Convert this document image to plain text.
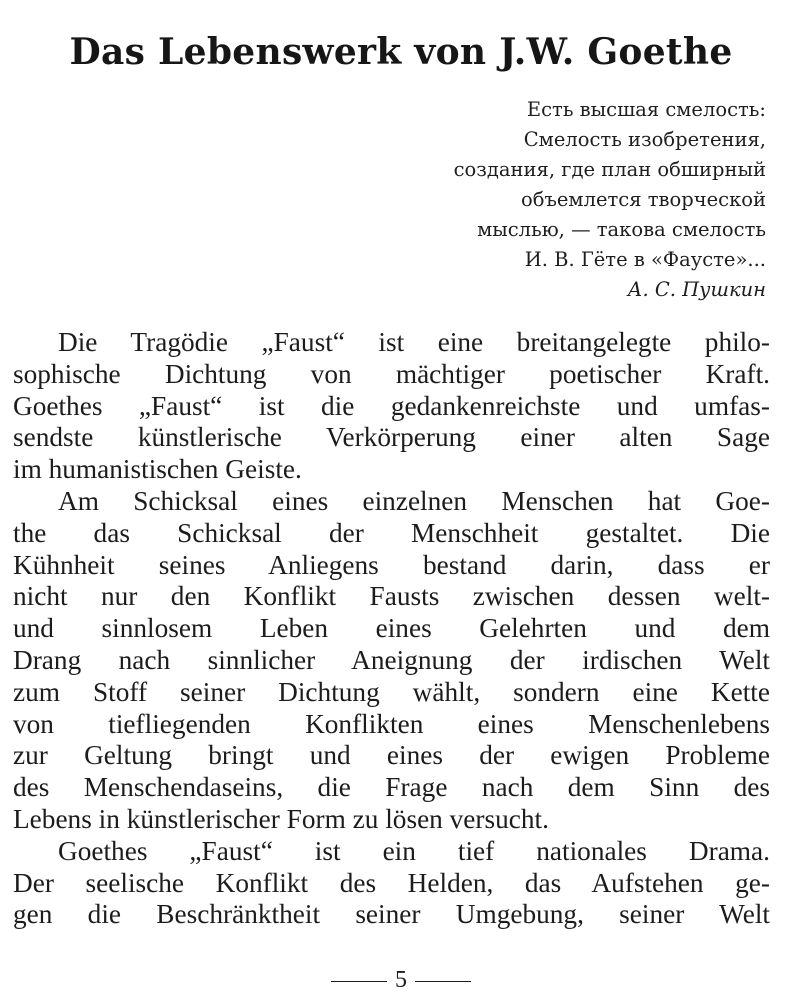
Das Lebenswerk von J.W. Goethe
Есть высшая смелость:
Смелость изобретения,
создания, где план обширный
объемлется творческой
мыслью, — такова смелость
И. В. Гёте в «Фаусте»...
А. С. Пушкин

Die Tragödie „Faust“ ist eine breitangelegte philo-
sophische Dichtung von mächtiger poetischer Kraft.
Goethes „Faust“ ist die gedankenreichste und umfas-
sendste künstlerische Verkörperung einer alten Sage
im humanistischen Geiste.

Am Schicksal eines einzelnen Menschen hat Goe-
the das Schicksal der Menschheit gestaltet. Die
Kühnheit seines Anliegens bestand darin, dass er
nicht nur den Konflikt Fausts zwischen dessen welt-
und sinnlosem Leben eines Gelehrten und dem
Drang nach sinnlicher Aneignung der irdischen Welt
zum Stoff seiner Dichtung wählt, sondern eine Kette
von tiefliegenden Konflikten eines Menschenlebens
zur Geltung bringt und eines der ewigen Probleme
des Menschendaseins, die Frage nach dem Sinn des
Lebens in künstlerischer Form zu lösen versucht.

Goethes „Faust“ ist ein tief nationales Drama.
Der seelische Konflikt des Helden, das Aufstehen ge-
gen die Beschränktheit seiner Umgebung, seiner Welt

5
